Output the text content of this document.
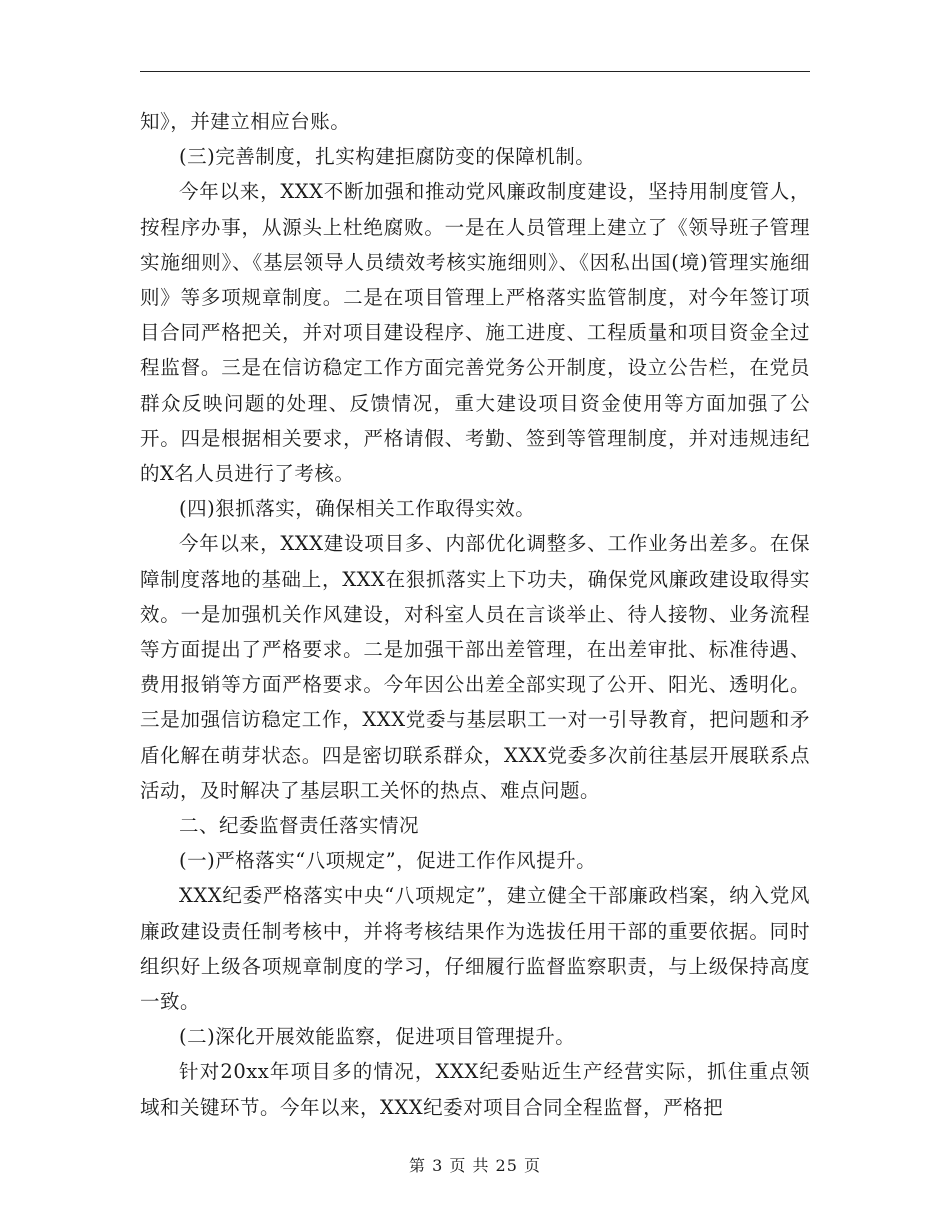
知》，并建立相应台账。

(三)完善制度，扎实构建拒腐防变的保障机制。

今年以来，XXX不断加强和推动党风廉政制度建设，坚持用制度管人，按程序办事，从源头上杜绝腐败。一是在人员管理上建立了《领导班子管理实施细则》、《基层领导人员绩效考核实施细则》、《因私出国(境)管理实施细则》等多项规章制度。二是在项目管理上严格落实监管制度，对今年签订项目合同严格把关，并对项目建设程序、施工进度、工程质量和项目资金全过程监督。三是在信访稳定工作方面完善党务公开制度，设立公告栏，在党员群众反映问题的处理、反馈情况，重大建设项目资金使用等方面加强了公开。四是根据相关要求，严格请假、考勤、签到等管理制度，并对违规违纪的X名人员进行了考核。

(四)狠抓落实，确保相关工作取得实效。

今年以来，XXX建设项目多、内部优化调整多、工作业务出差多。在保障制度落地的基础上，XXX在狠抓落实上下功夫，确保党风廉政建设取得实效。一是加强机关作风建设，对科室人员在言谈举止、待人接物、业务流程等方面提出了严格要求。二是加强干部出差管理，在出差审批、标准待遇、费用报销等方面严格要求。今年因公出差全部实现了公开、阳光、透明化。三是加强信访稳定工作，XXX党委与基层职工一对一引导教育，把问题和矛盾化解在萌芽状态。四是密切联系群众，XXX党委多次前往基层开展联系点活动，及时解决了基层职工关怀的热点、难点问题。

二、纪委监督责任落实情况

(一)严格落实“八项规定”，促进工作作风提升。

XXX纪委严格落实中央“八项规定”，建立健全干部廉政档案，纳入党风廉政建设责任制考核中，并将考核结果作为选拔任用干部的重要依据。同时组织好上级各项规章制度的学习，仔细履行监督监察职责，与上级保持高度一致。

(二)深化开展效能监察，促进项目管理提升。

针对20xx年项目多的情况，XXX纪委贴近生产经营实际，抓住重点领域和关键环节。今年以来，XXX纪委对项目合同全程监督，严格把

第 3 页 共 25 页
